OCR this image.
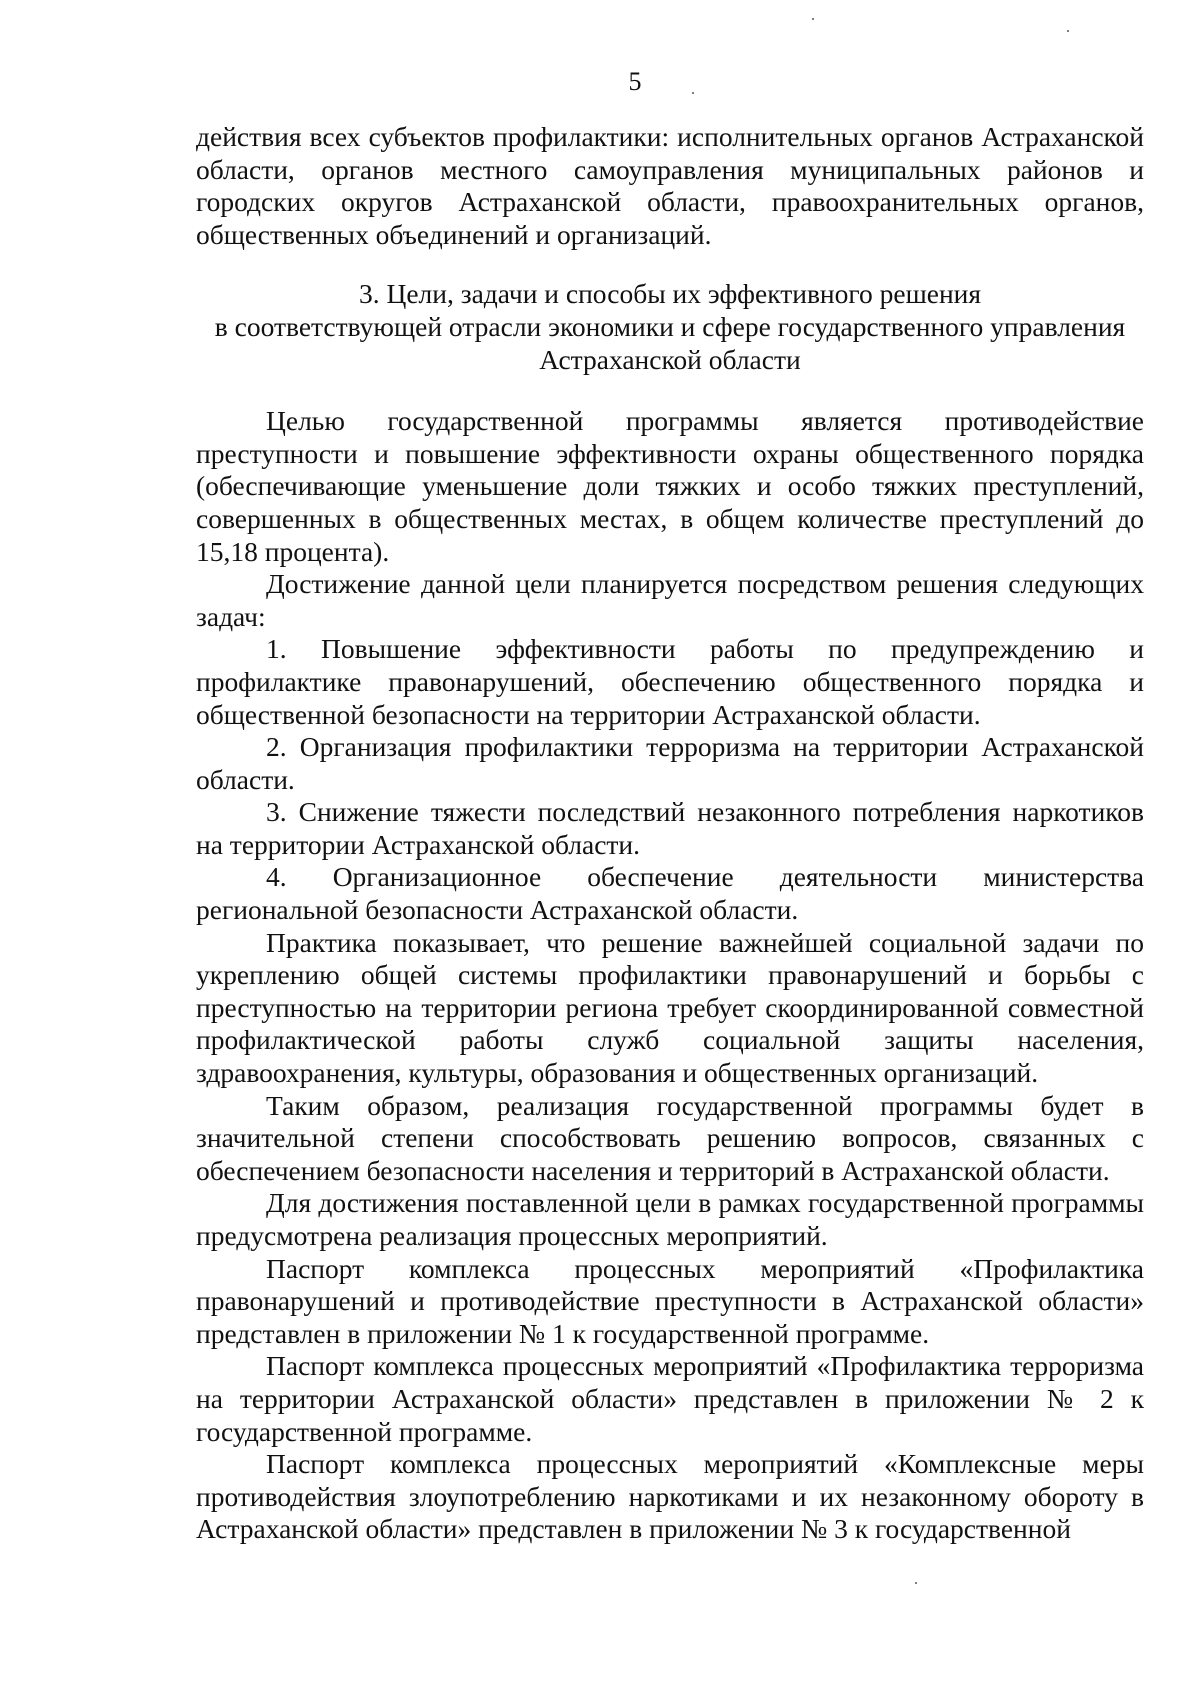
5

действия всех субъектов профилактики: исполнительных органов Астраханской области, органов местного самоуправления муниципальных районов и городских округов Астраханской области, правоохранительных органов, общественных объединений и организаций.

3. Цели, задачи и способы их эффективного решения
в соответствующей отрасли экономики и сфере государственного управления
Астраханской области

Целью государственной программы является противодействие преступности и повышение эффективности охраны общественного порядка (обеспечивающие уменьшение доли тяжких и особо тяжких преступлений, совершенных в общественных местах, в общем количестве преступлений до 15,18 процента).

Достижение данной цели планируется посредством решения следующих задач:

1. Повышение эффективности работы по предупреждению и профилактике правонарушений, обеспечению общественного порядка и общественной безопасности на территории Астраханской области.

2. Организация профилактики терроризма на территории Астраханской области.

3. Снижение тяжести последствий незаконного потребления наркотиков на территории Астраханской области.

4. Организационное обеспечение деятельности министерства региональной безопасности Астраханской области.

Практика показывает, что решение важнейшей социальной задачи по укреплению общей системы профилактики правонарушений и борьбы с преступностью на территории региона требует скоординированной совместной профилактической работы служб социальной защиты населения, здравоохранения, культуры, образования и общественных организаций.

Таким образом, реализация государственной программы будет в значительной степени способствовать решению вопросов, связанных с обеспечением безопасности населения и территорий в Астраханской области.

Для достижения поставленной цели в рамках государственной программы предусмотрена реализация процессных мероприятий.

Паспорт комплекса процессных мероприятий «Профилактика правонарушений и противодействие преступности в Астраханской области» представлен в приложении № 1 к государственной программе.

Паспорт комплекса процессных мероприятий «Профилактика терроризма на территории Астраханской области» представлен в приложении № 2 к государственной программе.

Паспорт комплекса процессных мероприятий «Комплексные меры противодействия злоупотреблению наркотиками и их незаконному обороту в Астраханской области» представлен в приложении № 3 к государственной
